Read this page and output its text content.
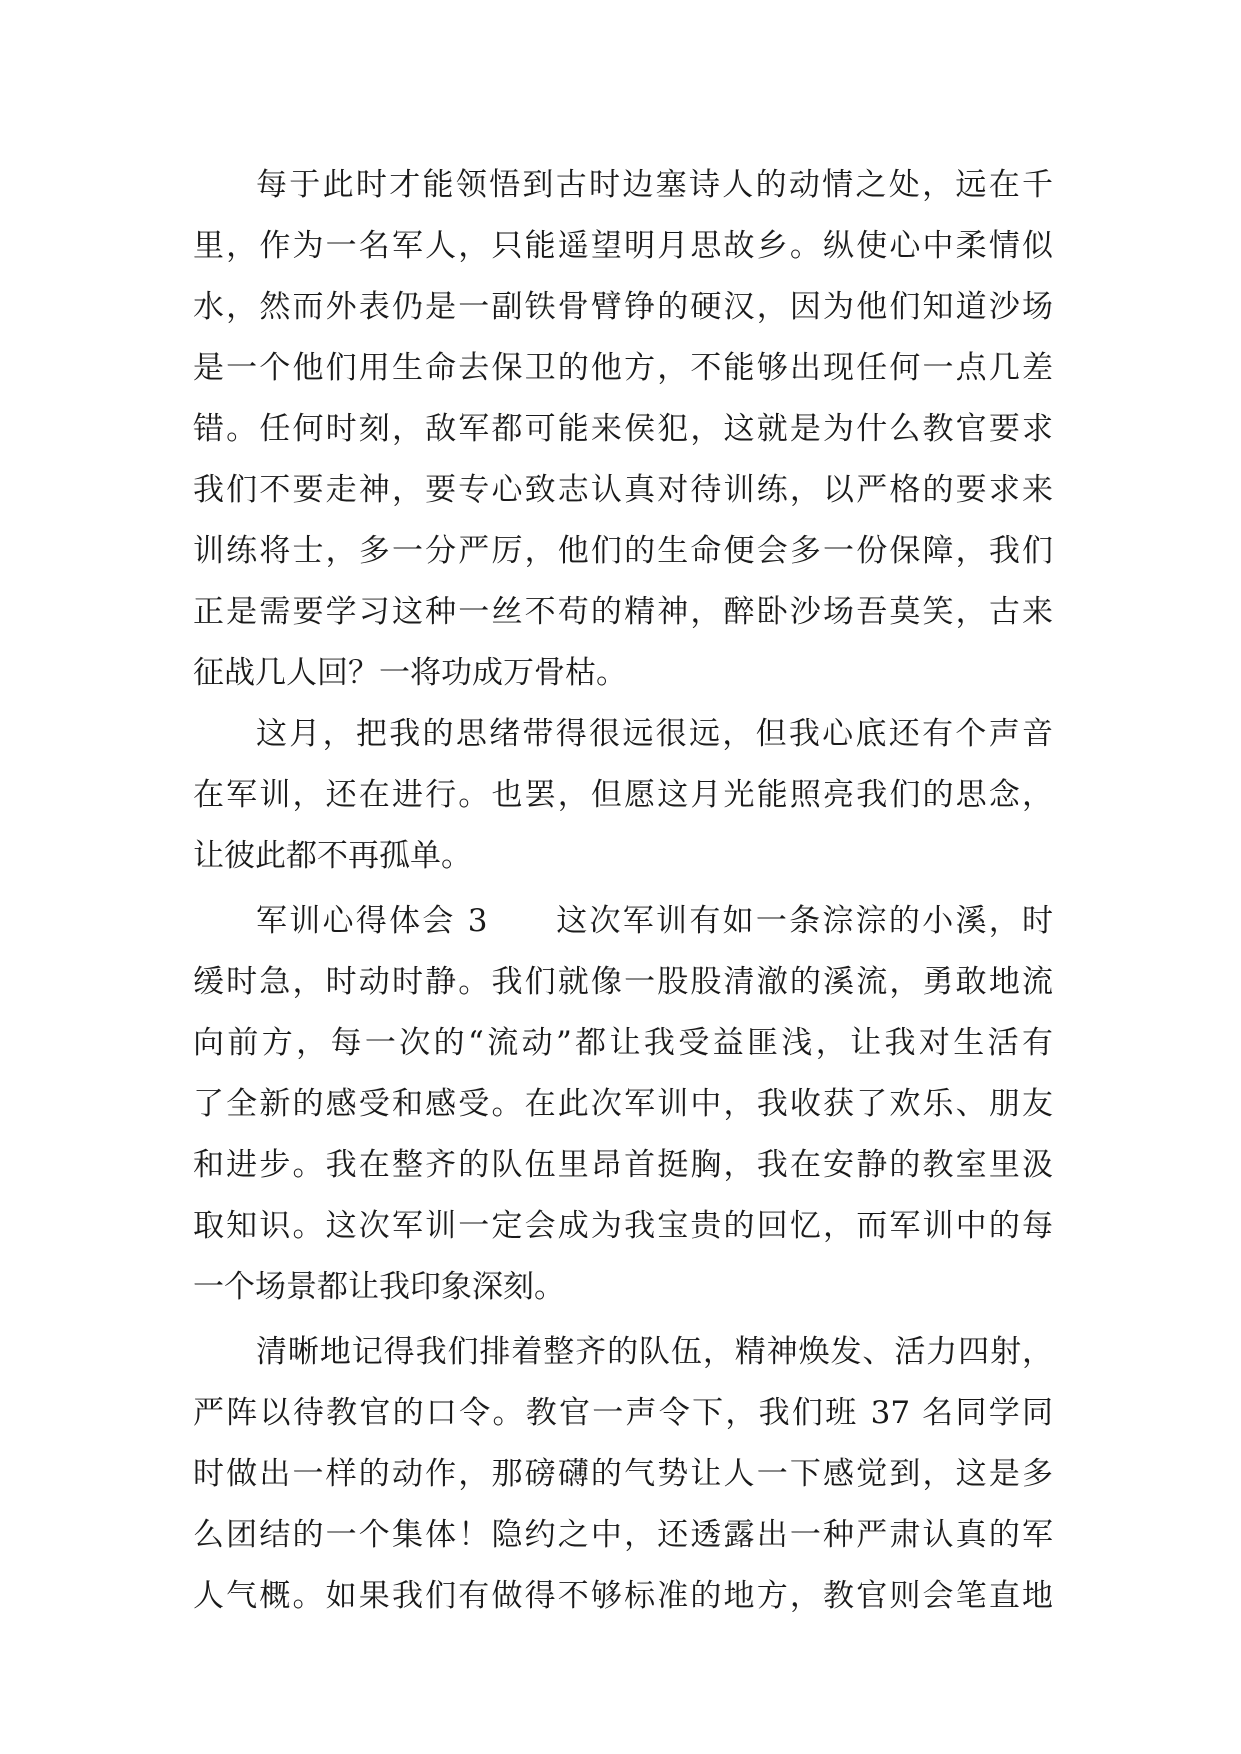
每于此时才能领悟到古时边塞诗人的动情之处，远在千
里，作为一名军人，只能遥望明月思故乡。纵使心中柔情似
水，然而外表仍是一副铁骨臂铮的硬汉，因为他们知道沙场
是一个他们用生命去保卫的他方，不能够出现任何一点几差
错。任何时刻，敌军都可能来侯犯，这就是为什么教官要求
我们不要走神，要专心致志认真对待训练，以严格的要求来
训练将士，多一分严厉，他们的生命便会多一份保障，我们
正是需要学习这种一丝不苟的精神，醉卧沙场吾莫笑，古来
征战几人回？一将功成万骨枯。
这月，把我的思绪带得很远很远，但我心底还有个声音
在军训，还在进行。也罢，但愿这月光能照亮我们的思念，
让彼此都不再孤单。
军训心得体会 3　　这次军训有如一条淙淙的小溪，时
缓时急，时动时静。我们就像一股股清澈的溪流，勇敢地流
向前方，每一次的“流动”都让我受益匪浅，让我对生活有
了全新的感受和感受。在此次军训中，我收获了欢乐、朋友
和进步。我在整齐的队伍里昂首挺胸，我在安静的教室里汲
取知识。这次军训一定会成为我宝贵的回忆，而军训中的每
一个场景都让我印象深刻。
清晰地记得我们排着整齐的队伍，精神焕发、活力四射，
严阵以待教官的口令。教官一声令下，我们班 37 名同学同
时做出一样的动作，那磅礴的气势让人一下感觉到，这是多
么团结的一个集体！隐约之中，还透露出一种严肃认真的军
人气概。如果我们有做得不够标准的地方，教官则会笔直地
